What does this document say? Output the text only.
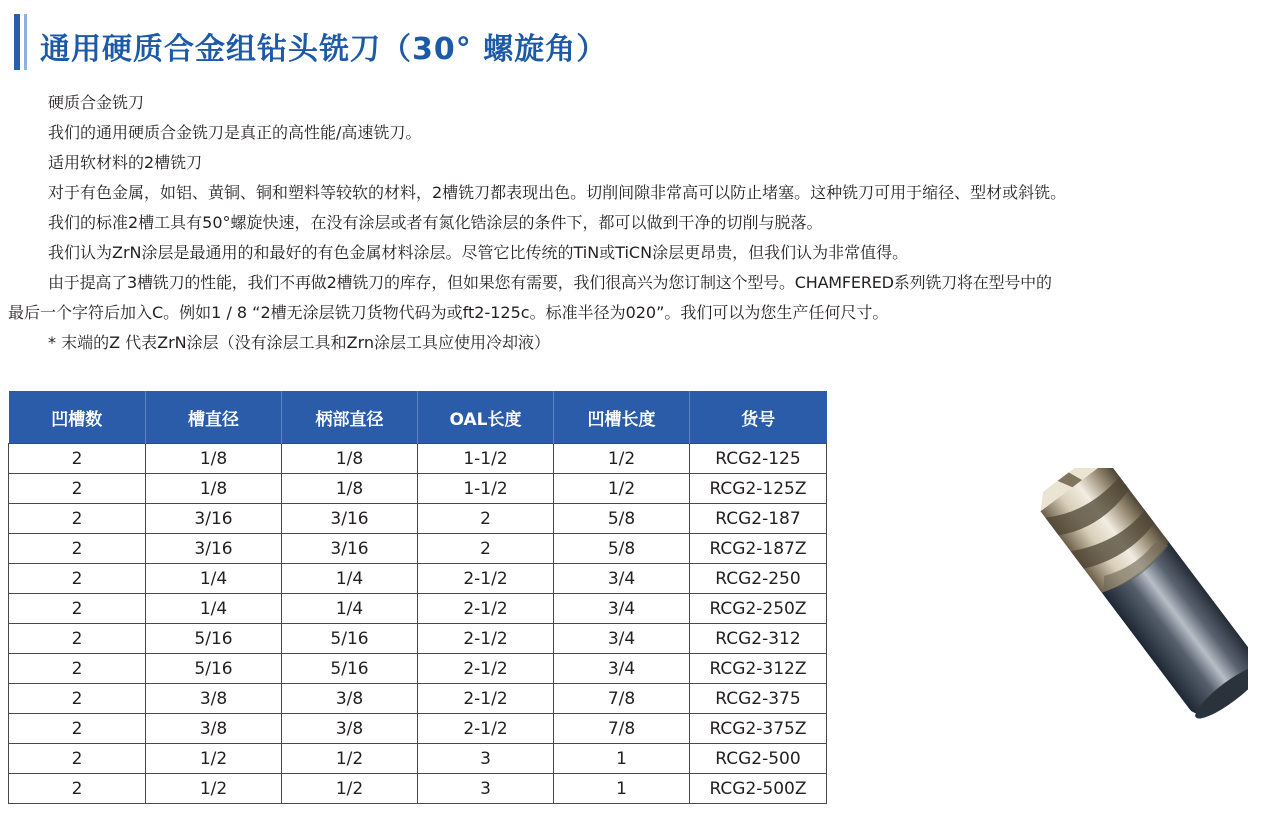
通用硬质合金组钻头铣刀（30° 螺旋角）

硬质合金铣刀

我们的通用硬质合金铣刀是真正的高性能/高速铣刀。

适用软材料的2槽铣刀

对于有色金属，如铝、黄铜、铜和塑料等较软的材料，2槽铣刀都表现出色。切削间隙非常高可以防止堵塞。这种铣刀可用于缩径、型材或斜铣。

我们的标准2槽工具有50°螺旋快速，在没有涂层或者有氮化锆涂层的条件下，都可以做到干净的切削与脱落。

我们认为ZrN涂层是最通用的和最好的有色金属材料涂层。尽管它比传统的TiN或TiCN涂层更昂贵，但我们认为非常值得。

由于提高了3槽铣刀的性能，我们不再做2槽铣刀的库存，但如果您有需要，我们很高兴为您订制这个型号。CHAMFERED系列铣刀将在型号中的

最后一个字符后加入C。例如1 / 8 “2槽无涂层铣刀货物代码为或ft2-125c。标准半径为020”。我们可以为您生产任何尺寸。

* 末端的Z 代表ZrN涂层（没有涂层工具和Zrn涂层工具应使用冷却液）

凹槽数	槽直径	柄部直径	OAL长度	凹槽长度	货号
2	1/8	1/8	1-1/2	1/2	RCG2-125
2	1/8	1/8	1-1/2	1/2	RCG2-125Z
2	3/16	3/16	2	5/8	RCG2-187
2	3/16	3/16	2	5/8	RCG2-187Z
2	1/4	1/4	2-1/2	3/4	RCG2-250
2	1/4	1/4	2-1/2	3/4	RCG2-250Z
2	5/16	5/16	2-1/2	3/4	RCG2-312
2	5/16	5/16	2-1/2	3/4	RCG2-312Z
2	3/8	3/8	2-1/2	7/8	RCG2-375
2	3/8	3/8	2-1/2	7/8	RCG2-375Z
2	1/2	1/2	3	1	RCG2-500
2	1/2	1/2	3	1	RCG2-500Z
